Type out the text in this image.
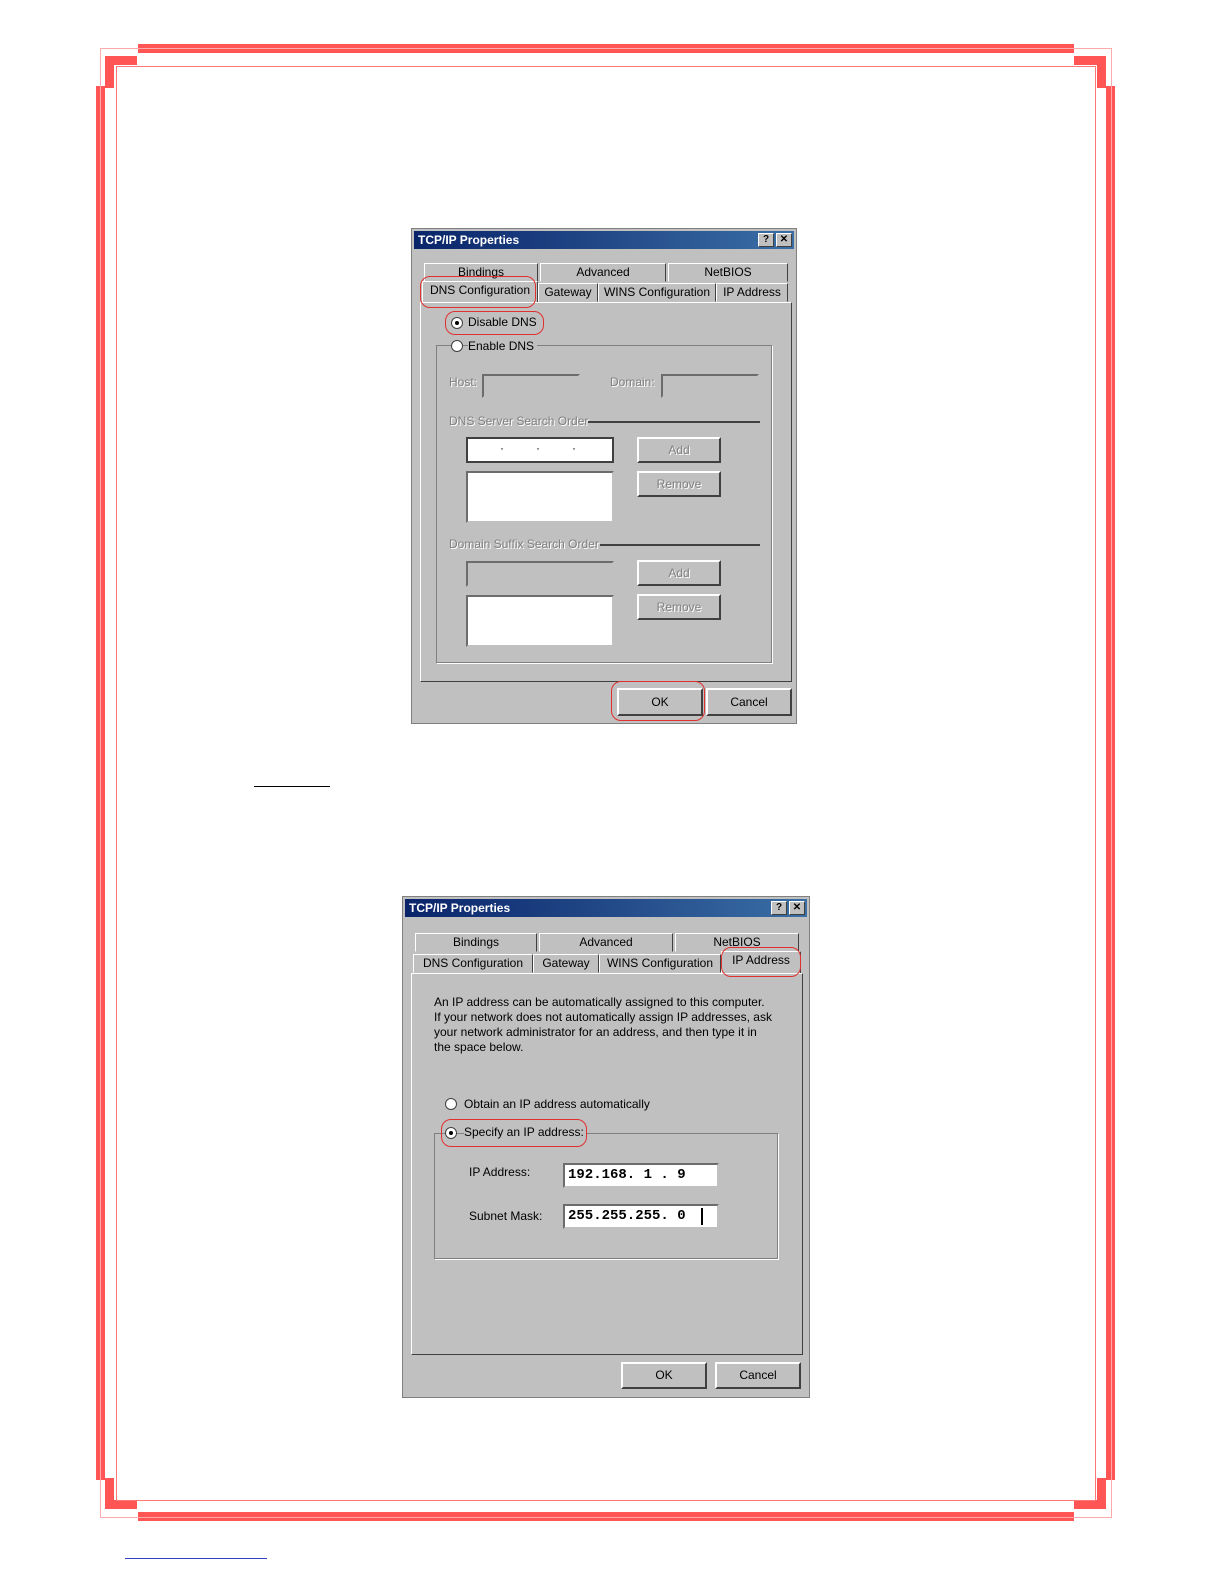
TCP/IP Properties	?	✕
Bindings	Advanced	NetBIOS
DNS Configuration	Gateway	WINS Configuration	IP Address
Disable DNS
Enable DNS
Host:	Domain:
DNS Server Search Order
·	·	·	Add
Remove
Domain Suffix Search Order
Add
Remove
OK	Cancel
TCP/IP Properties	?	✕
Bindings	Advanced	NetBIOS
DNS Configuration	Gateway	WINS Configuration	IP Address
An IP address can be automatically assigned to this computer.
If your network does not automatically assign IP addresses, ask
your network administrator for an address, and then type it in
the space below.
Obtain an IP address automatically
Specify an IP address:
IP Address:	192.168. 1 . 9
Subnet Mask:	255.255.255. 0
OK	Cancel
